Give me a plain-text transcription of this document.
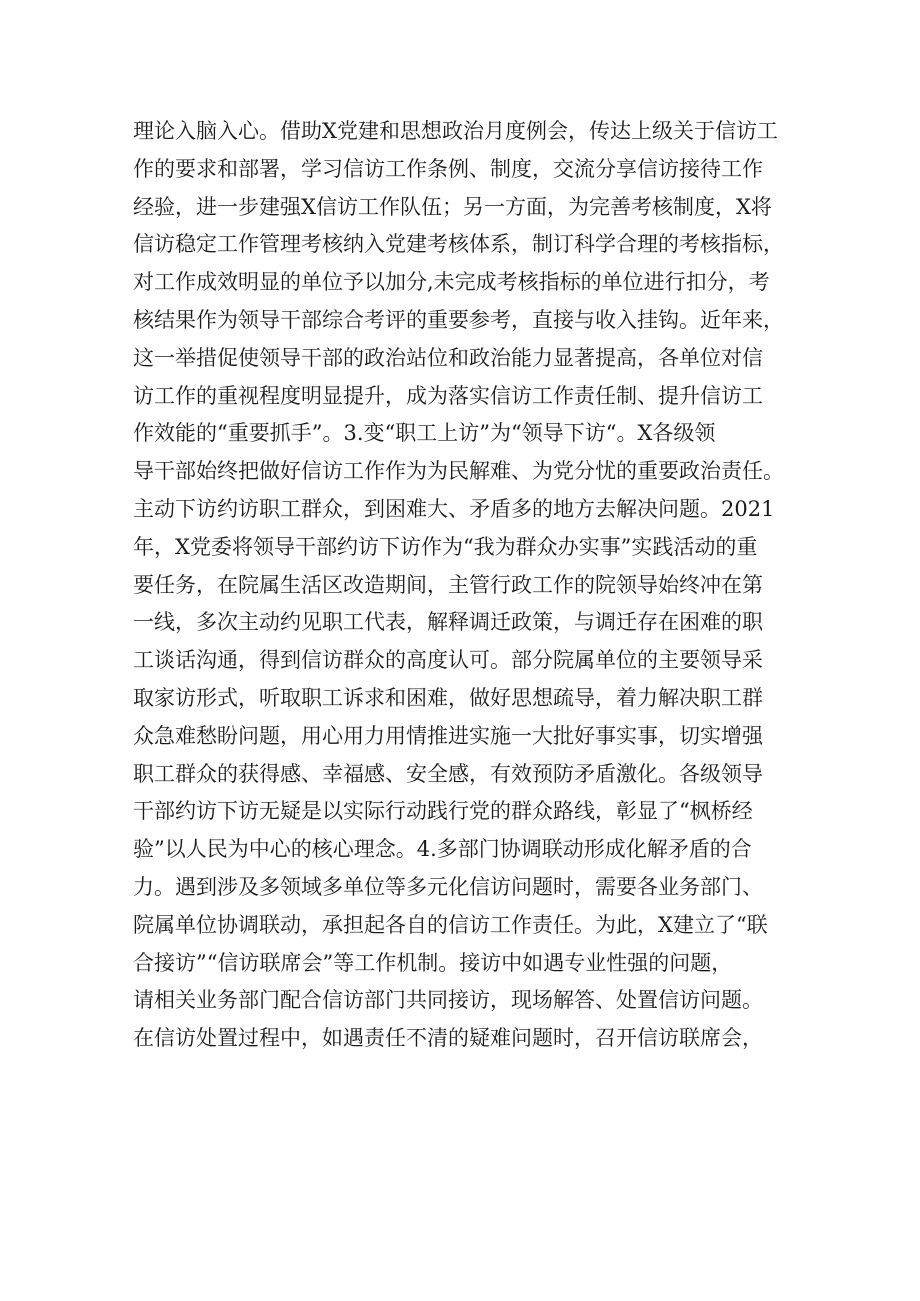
理论入脑入心。借助X党建和思想政治月度例会，传达上级关于信访工
作的要求和部署，学习信访工作条例、制度，交流分享信访接待工作
经验，进一步建强X信访工作队伍；另一方面，为完善考核制度，X将
信访稳定工作管理考核纳入党建考核体系，制订科学合理的考核指标，
对工作成效明显的单位予以加分,未完成考核指标的单位进行扣分，考
核结果作为领导干部综合考评的重要参考，直接与收入挂钩。近年来，
这一举措促使领导干部的政治站位和政治能力显著提高，各单位对信
访工作的重视程度明显提升，成为落实信访工作责任制、提升信访工
作效能的“重要抓手”。3.变“职工上访”为“领导下访“。X各级领
导干部始终把做好信访工作作为为民解难、为党分忧的重要政治责任。
主动下访约访职工群众，到困难大、矛盾多的地方去解决问题。2021
年，X党委将领导干部约访下访作为“我为群众办实事”实践活动的重
要任务，在院属生活区改造期间，主管行政工作的院领导始终冲在第
一线，多次主动约见职工代表，解释调迁政策，与调迁存在困难的职
工谈话沟通，得到信访群众的高度认可。部分院属单位的主要领导采
取家访形式，听取职工诉求和困难，做好思想疏导，着力解决职工群
众急难愁盼问题，用心用力用情推进实施一大批好事实事，切实增强
职工群众的获得感、幸福感、安全感，有效预防矛盾激化。各级领导
干部约访下访无疑是以实际行动践行党的群众路线，彰显了“枫桥经
验”以人民为中心的核心理念。4.多部门协调联动形成化解矛盾的合
力。遇到涉及多领域多单位等多元化信访问题时，需要各业务部门、
院属单位协调联动，承担起各自的信访工作责任。为此，X建立了“联
合接访”“信访联席会”等工作机制。接访中如遇专业性强的问题，
请相关业务部门配合信访部门共同接访，现场解答、处置信访问题。
在信访处置过程中，如遇责任不清的疑难问题时，召开信访联席会，
